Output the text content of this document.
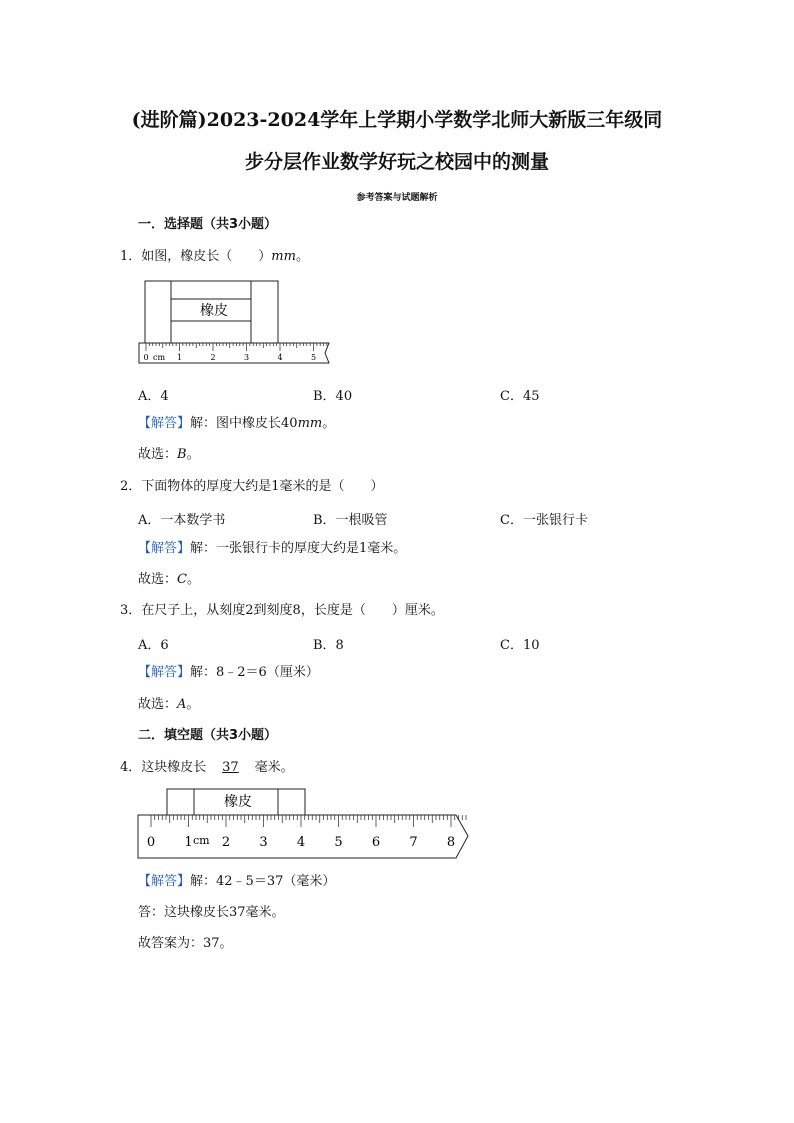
(进阶篇)2023-2024学年上学期小学数学北师大新版三年级同
步分层作业数学好玩之校园中的测量
参考答案与试题解析
一．选择题（共3小题）
1．如图，橡皮长（　　）mm。
橡皮
0	1	2	3	4	5
cm
A．4	B．40	C．45
【解答】解：图中橡皮长40mm。
故选：B。
2．下面物体的厚度大约是1毫米的是（　　）
A．一本数学书	B．一根吸管	C．一张银行卡
【解答】解：一张银行卡的厚度大约是1毫米。
故选：C。
3．在尺子上，从刻度2到刻度8，长度是（　　）厘米。
A．6	B．8	C．10
【解答】解：8﹣2＝6（厘米）
故选：A。
二．填空题（共3小题）
4．这块橡皮长 37 毫米。
橡皮
0 1 2 3 4 5 6 7 8
cm
【解答】解：42﹣5＝37（毫米）
答：这块橡皮长37毫米。
故答案为：37。
